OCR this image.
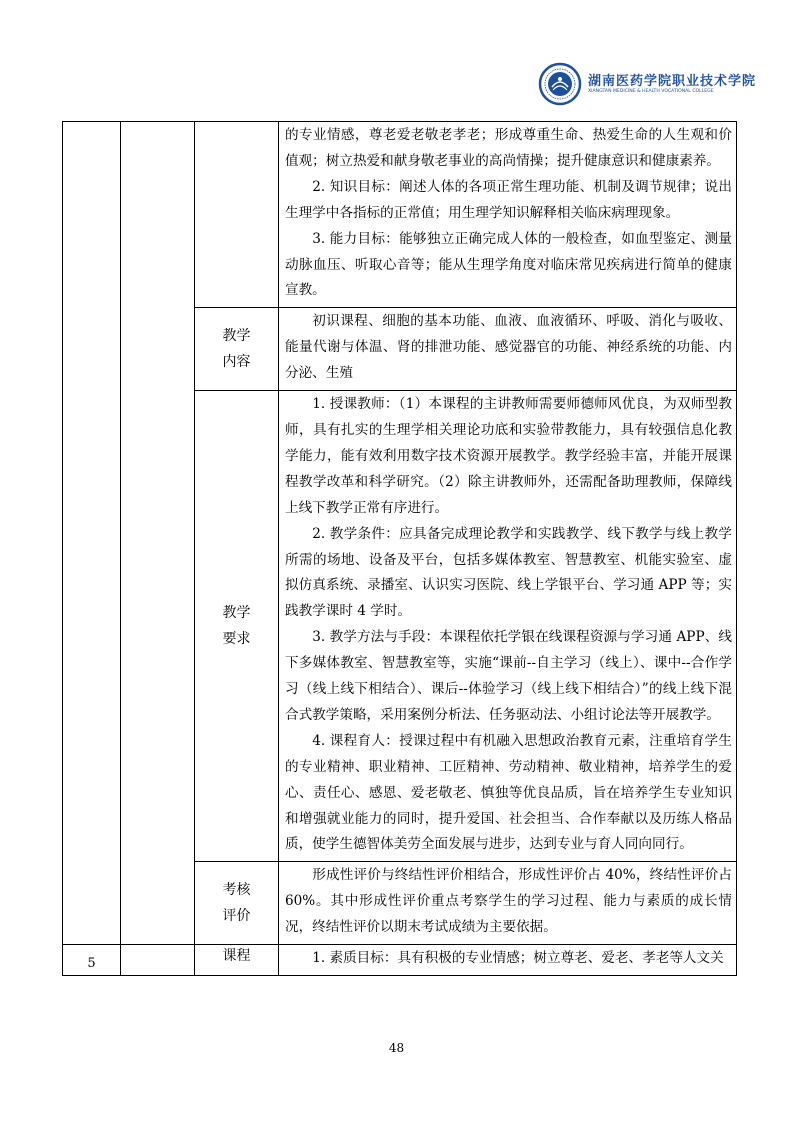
湖南医药学院职业技术学院
XIANGTAN MEDICINE & HEALTH VOCATIONAL COLLEGE

			的专业情感，尊老爱老敬老孝老；形成尊重生命、热爱生命的人生观和价值观；树立热爱和献身敬老事业的高尚情操；提升健康意识和健康素养。

2. 知识目标：阐述人体的各项正常生理功能、机制及调节规律；说出生理学中各指标的正常值；用生理学知识解释相关临床病理现象。

3. 能力目标：能够独立正确完成人体的一般检查，如血型鉴定、测量动脉血压、听取心音等；能从生理学角度对临床常见疾病进行简单的健康宣教。

		教学内容	初识课程、细胞的基本功能、血液、血液循环、呼吸、消化与吸收、能量代谢与体温、肾的排泄功能、感觉器官的功能、神经系统的功能、内分泌、生殖

		教学要求	1. 授课教师：（1）本课程的主讲教师需要师德师风优良，为双师型教师，具有扎实的生理学相关理论功底和实验带教能力，具有较强信息化教学能力，能有效利用数字技术资源开展教学。教学经验丰富，并能开展课程教学改革和科学研究。（2）除主讲教师外，还需配备助理教师，保障线上线下教学正常有序进行。

2. 教学条件：应具备完成理论教学和实践教学、线下教学与线上教学所需的场地、设备及平台，包括多媒体教室、智慧教室、机能实验室、虚拟仿真系统、录播室、认识实习医院、线上学银平台、学习通 APP 等；实践教学课时 4 学时。

3. 教学方法与手段：本课程依托学银在线课程资源与学习通 APP、线下多媒体教室、智慧教室等，实施“课前--自主学习（线上）、课中--合作学习（线上线下相结合）、课后--体验学习（线上线下相结合）”的线上线下混合式教学策略，采用案例分析法、任务驱动法、小组讨论法等开展教学。

4. 课程育人：授课过程中有机融入思想政治教育元素，注重培育学生的专业精神、职业精神、工匠精神、劳动精神、敬业精神，培养学生的爱心、责任心、感恩、爱老敬老、慎独等优良品质，旨在培养学生专业知识和增强就业能力的同时，提升爱国、社会担当、合作奉献以及历练人格品质，使学生德智体美劳全面发展与进步，达到专业与育人同向同行。

		考核评价	形成性评价与终结性评价相结合，形成性评价占 40%，终结性评价占 60%。其中形成性评价重点考察学生的学习过程、能力与素质的成长情况，终结性评价以期末考试成绩为主要依据。

5		课程	1. 素质目标：具有积极的专业情感；树立尊老、爱老、孝老等人文关

48
